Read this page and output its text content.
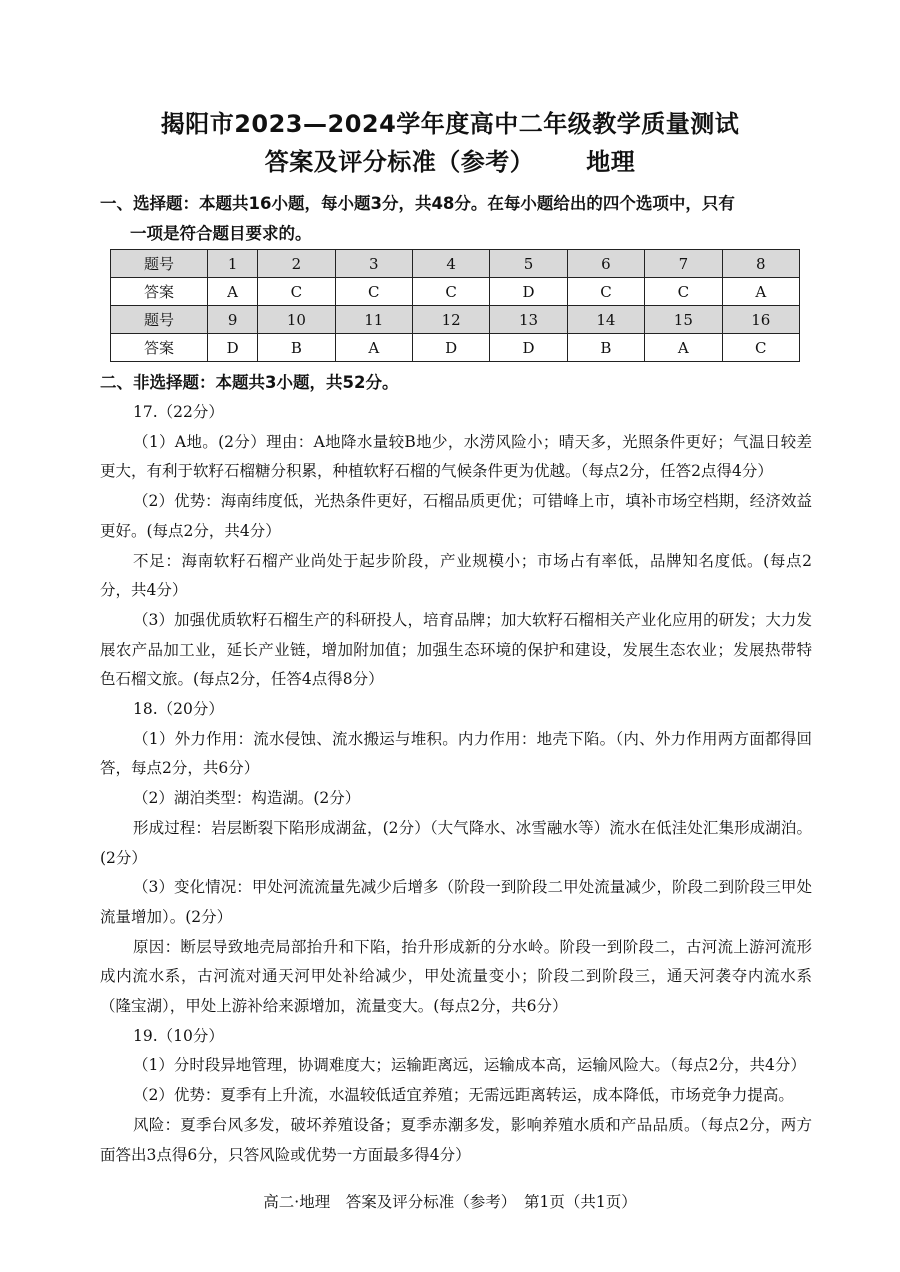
揭阳市2023—2024学年度高中二年级教学质量测试
答案及评分标准（参考） 地理
一、选择题：本题共16小题，每小题3分，共48分。在每小题给出的四个选项中，只有
一项是符合题目要求的。
题号	1	2	3	4	5	6	7	8
答案	A	C	C	C	D	C	C	A
题号	9	10	11	12	13	14	15	16
答案	D	B	A	D	D	B	A	C
二、非选择题：本题共3小题，共52分。

17.（22分）

（1）A地。(2分）理由：A地降水量较B地少，水涝风险小；晴天多，光照条件更好；气温日较差更大，有利于软籽石榴糖分积累，种植软籽石榴的气候条件更为优越。（每点2分，任答2点得4分）

（2）优势：海南纬度低，光热条件更好，石榴品质更优；可错峰上市，填补市场空档期，经济效益更好。(每点2分，共4分）

不足：海南软籽石榴产业尚处于起步阶段，产业规模小；市场占有率低，品牌知名度低。(每点2分，共4分）

（3）加强优质软籽石榴生产的科研投人，培育品牌；加大软籽石榴相关产业化应用的研发；大力发展农产品加工业，延长产业链，增加附加值；加强生态环境的保护和建设，发展生态农业；发展热带特色石榴文旅。(每点2分，任答4点得8分）

18.（20分）

（1）外力作用：流水侵蚀、流水搬运与堆积。内力作用：地壳下陷。（内、外力作用两方面都得回答，每点2分，共6分）

（2）湖泊类型：构造湖。(2分）

形成过程：岩层断裂下陷形成湖盆，(2分）（大气降水、冰雪融水等）流水在低洼处汇集形成湖泊。(2分）

（3）变化情况：甲处河流流量先减少后增多（阶段一到阶段二甲处流量减少，阶段二到阶段三甲处流量增加）。(2分）

原因：断层导致地壳局部抬升和下陷，抬升形成新的分水岭。阶段一到阶段二，古河流上游河流形成内流水系，古河流对通天河甲处补给减少，甲处流量变小；阶段二到阶段三，通天河袭夺内流水系（隆宝湖），甲处上游补给来源增加，流量变大。(每点2分，共6分）

19.（10分）

（1）分时段异地管理，协调难度大；运输距离远，运输成本高，运输风险大。（每点2分，共4分）

（2）优势：夏季有上升流，水温较低适宜养殖；无需远距离转运，成本降低，市场竞争力提高。

风险：夏季台风多发，破坏养殖设备；夏季赤潮多发，影响养殖水质和产品品质。（每点2分，两方面答出3点得6分，只答风险或优势一方面最多得4分）

高二·地理　答案及评分标准（参考）　第1页（共1页）
